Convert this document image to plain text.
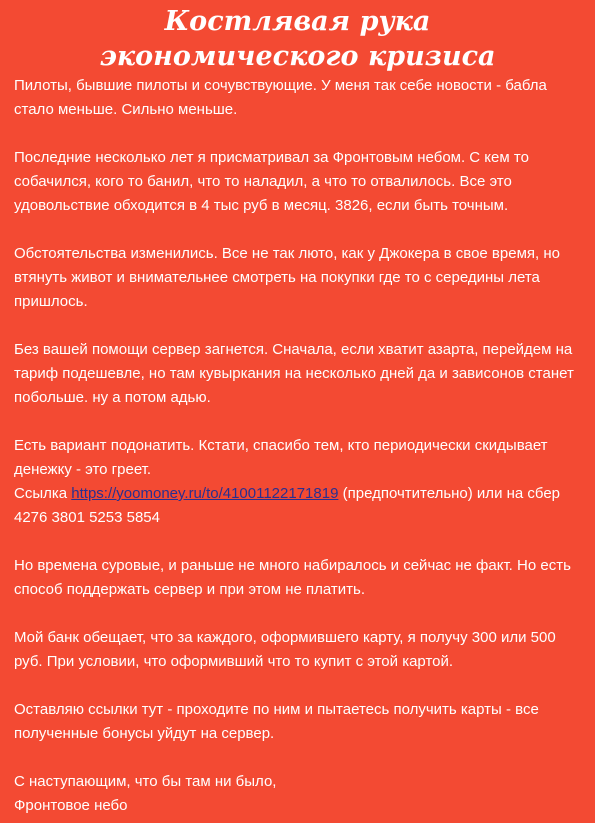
Костлявая рука экономического кризиса

Пилоты, бывшие пилоты и сочувствующие. У меня так себе новости - бабла стало меньше. Сильно меньше.

Последние несколько лет я присматривал за Фронтовым небом. С кем то собачился, кого то банил, что то наладил, а что то отвалилось. Все это удовольствие обходится в 4 тыс руб в месяц. 3826, если быть точным.

Обстоятельства изменились. Все не так люто, как у Джокера в свое время, но втянуть живот и внимательнее смотреть на покупки где то с середины лета пришлось.

Без вашей помощи сервер загнется. Сначала, если хватит азарта, перейдем на тариф подешевле, но там кувыркания на несколько дней да и зависонов станет побольше. ну а потом адью.

Есть вариант подонатить. Кстати, спасибо тем, кто периодически скидывает денежку - это греет.
Ссылка https://yoomoney.ru/to/41001122171819 (предпочтительно) или на сбер 4276 3801 5253 5854

Но времена суровые, и раньше не много набиралось и сейчас не факт. Но есть способ поддержать сервер и при этом не платить.

Мой банк обещает, что за каждого, оформившего карту, я получу 300 или 500 руб. При условии, что оформивший что то купит с этой картой.

Оставляю ссылки тут - проходите по ним и пытаетесь получить карты - все полученные бонусы уйдут на сервер.

С наступающим, что бы там ни было,
Фронтовое небо
